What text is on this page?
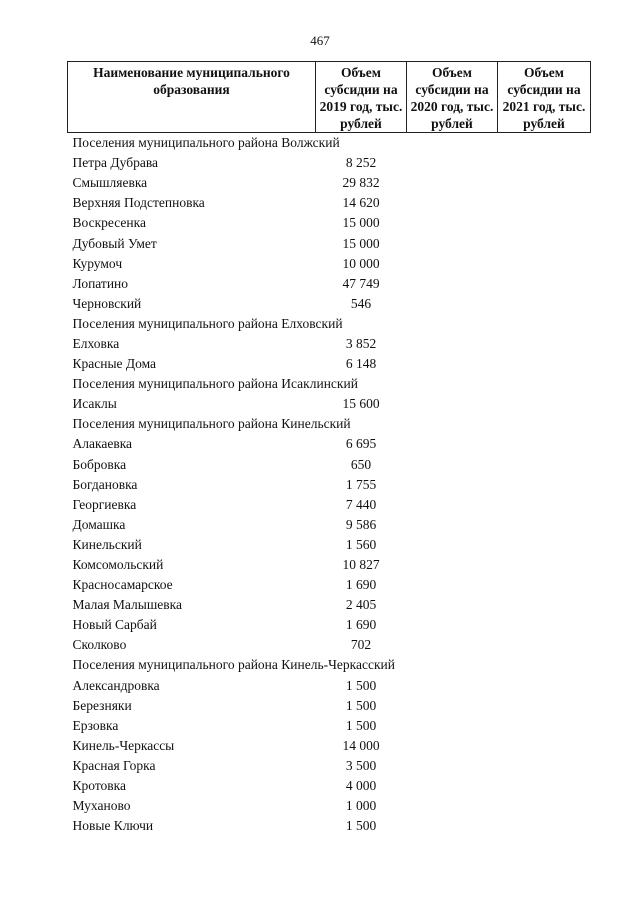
467
Наименование муниципального образования	Объем субсидии на 2019 год, тыс. рублей	Объем субсидии на 2020 год, тыс. рублей	Объем субсидии на 2021 год, тыс. рублей
Поселения муниципального района Волжский			
Петра Дубрава	8 252		
Смышляевка	29 832		
Верхняя Подстепновка	14 620		
Воскресенка	15 000		
Дубовый Умет	15 000		
Курумоч	10 000		
Лопатино	47 749		
Черновский	546		
Поселения муниципального района Елховский			
Елховка	3 852		
Красные Дома	6 148		
Поселения муниципального района Исаклинский			
Исаклы	15 600		
Поселения муниципального района Кинельский			
Алакаевка	6 695		
Бобровка	650		
Богдановка	1 755		
Георгиевка	7 440		
Домашка	9 586		
Кинельский	1 560		
Комсомольский	10 827		
Красносамарское	1 690		
Малая Малышевка	2 405		
Новый Сарбай	1 690		
Сколково	702		
Поселения муниципального района Кинель-Черкасский			
Александровка	1 500		
Березняки	1 500		
Ерзовка	1 500		
Кинель-Черкассы	14 000		
Красная Горка	3 500		
Кротовка	4 000		
Муханово	1 000		
Новые Ключи	1 500		
